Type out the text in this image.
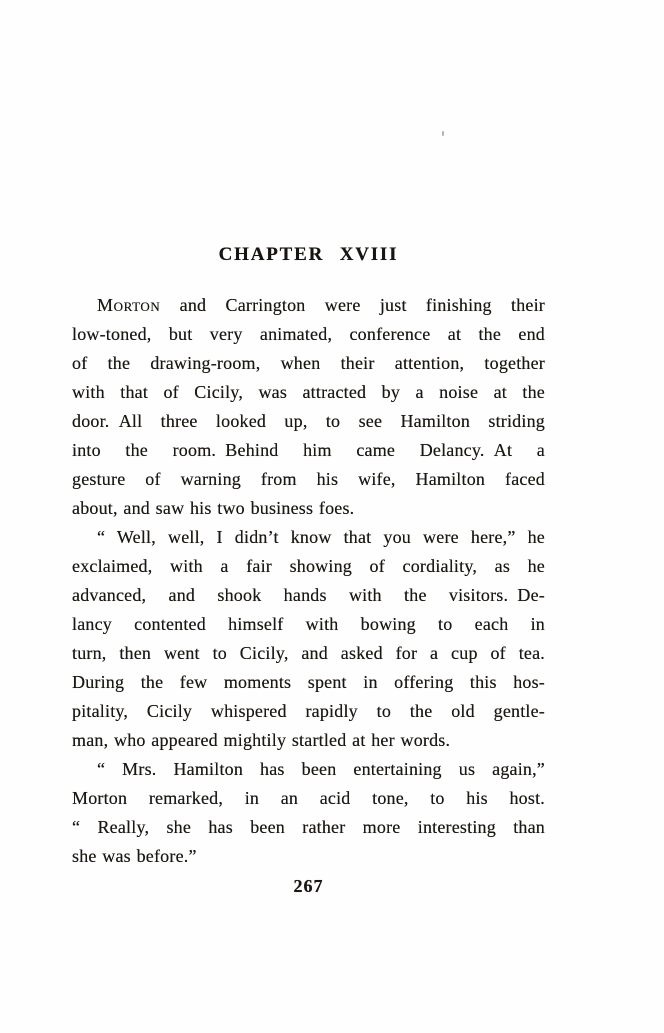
CHAPTER XVIII
Morton and Carrington were just finishing their
low-toned, but very animated, conference at the end
of the drawing-room, when their attention, together
with that of Cicily, was attracted by a noise at the
door. All three looked up, to see Hamilton striding
into the room. Behind him came Delancy. At a
gesture of warning from his wife, Hamilton faced
about, and saw his two business foes.
“ Well, well, I didn’t know that you were here,” he
exclaimed, with a fair showing of cordiality, as he
advanced, and shook hands with the visitors. De-
lancy contented himself with bowing to each in
turn, then went to Cicily, and asked for a cup of tea.
During the few moments spent in offering this hos-
pitality, Cicily whispered rapidly to the old gentle-
man, who appeared mightily startled at her words.
“ Mrs. Hamilton has been entertaining us again,”
Morton remarked, in an acid tone, to his host.
“ Really, she has been rather more interesting than
she was before.”
267
